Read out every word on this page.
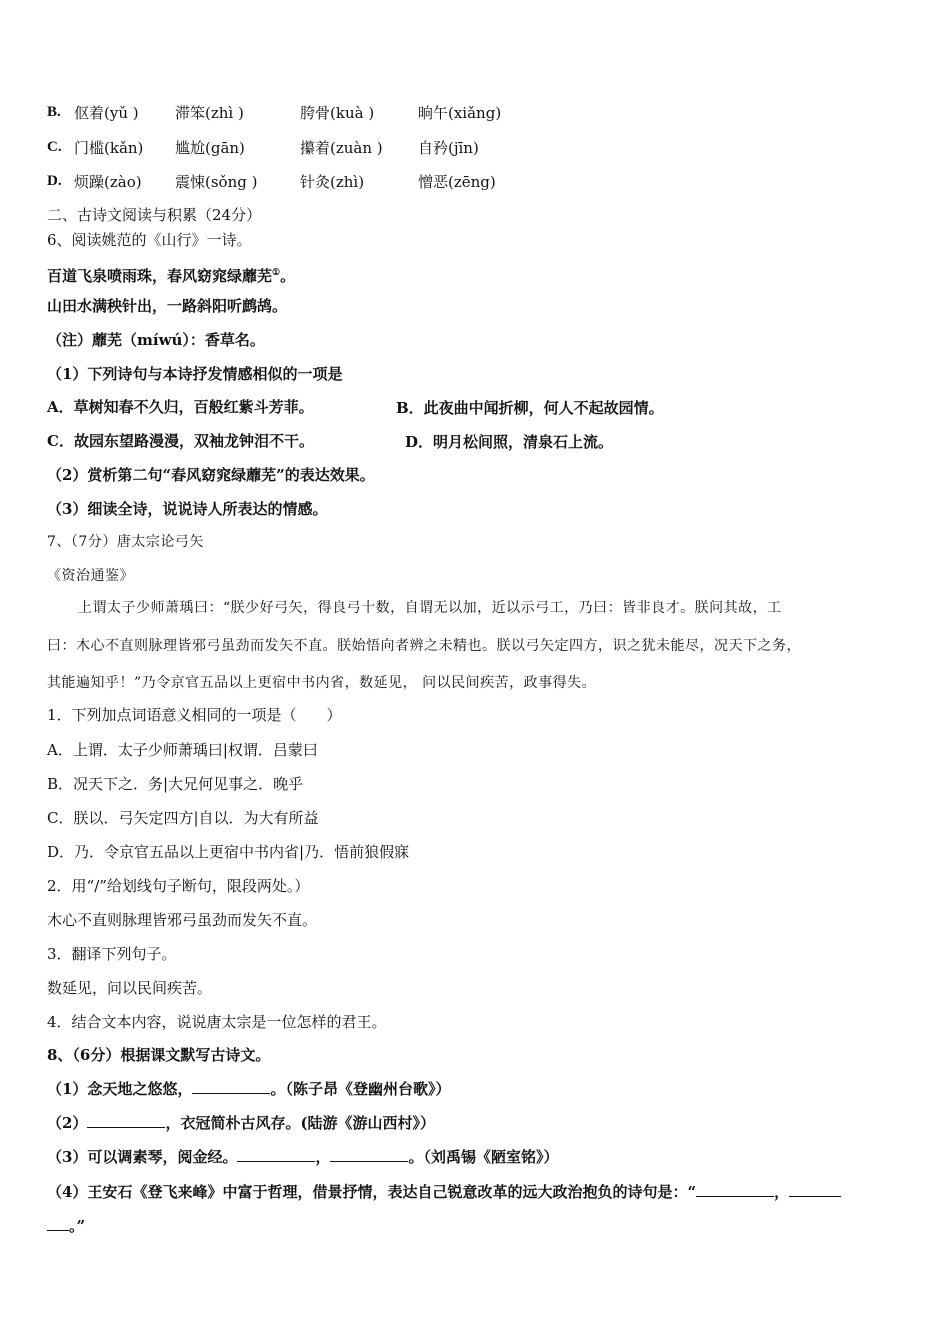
B. 伛着(yǔ ) 滞笨(zhì )	胯骨(kuà )	晌午(xiǎng)
C. 门槛(kǎn) 尴尬(gān)	攥着(zuàn ) 自矜(jīn)
D. 烦躁(zào) 震悚(sǒng )	针灸(zhì)	憎恶(zēng)
二、古诗文阅读与积累（24分）
6、阅读姚范的《山行》一诗。
百道飞泉喷雨珠，春风窈窕绿蘼芜①。
山田水满秧针出，一路斜阳听鹧鸪。
（注）蘼芜（míwú）：香草名。
（1）下列诗句与本诗抒发情感相似的一项是
A．草树知春不久归，百般红紫斗芳菲。	B．此夜曲中闻折柳，何人不起故园情。
C．故园东望路漫漫，双袖龙钟泪不干。	D．明月松间照，清泉石上流。
（2）赏析第二句“春风窈窕绿蘼芜”的表达效果。
（3）细读全诗，说说诗人所表达的情感。
7、（7分）唐太宗论弓矢
《资治通鉴》
上谓太子少师萧瑀曰：“朕少好弓矢，得良弓十数，自谓无以加，近以示弓工，乃曰：皆非良才。朕问其故，工
曰：木心不直则脉理皆邪弓虽劲而发矢不直。朕始悟向者辨之未精也。朕以弓矢定四方，识之犹未能尽，况天下之务，
其能遍知乎！”乃令京官五品以上更宿中书内省，数延见， 问以民间疾苦，政事得失。
1．下列加点词语意义相同的一项是（　　）
A．上谓．太子少师萧瑀曰|权谓．吕蒙曰
B．况天下之．务|大兄何见事之．晚乎
C．朕以．弓矢定四方|自以．为大有所益
D．乃．令京官五品以上更宿中书内省|乃．悟前狼假寐
2．用“/”给划线句子断句，限段两处。）
木心不直则脉理皆邪弓虽劲而发矢不直。
3．翻译下列句子。
数延见，问以民间疾苦。
4．结合文本内容，说说唐太宗是一位怎样的君王。
8、（6分）根据课文默写古诗文。
（1）念天地之悠悠，	。（陈子昂《登幽州台歌》）
（2）	，衣冠简朴古风存。(陆游《游山西村》）
（3）可以调素琴，阅金经。	，	。（刘禹锡《陋室铭》）
（4）王安石《登飞来峰》中富于哲理，借景抒情，表达自己锐意改革的远大政治抱负的诗句是：“	，
。”
